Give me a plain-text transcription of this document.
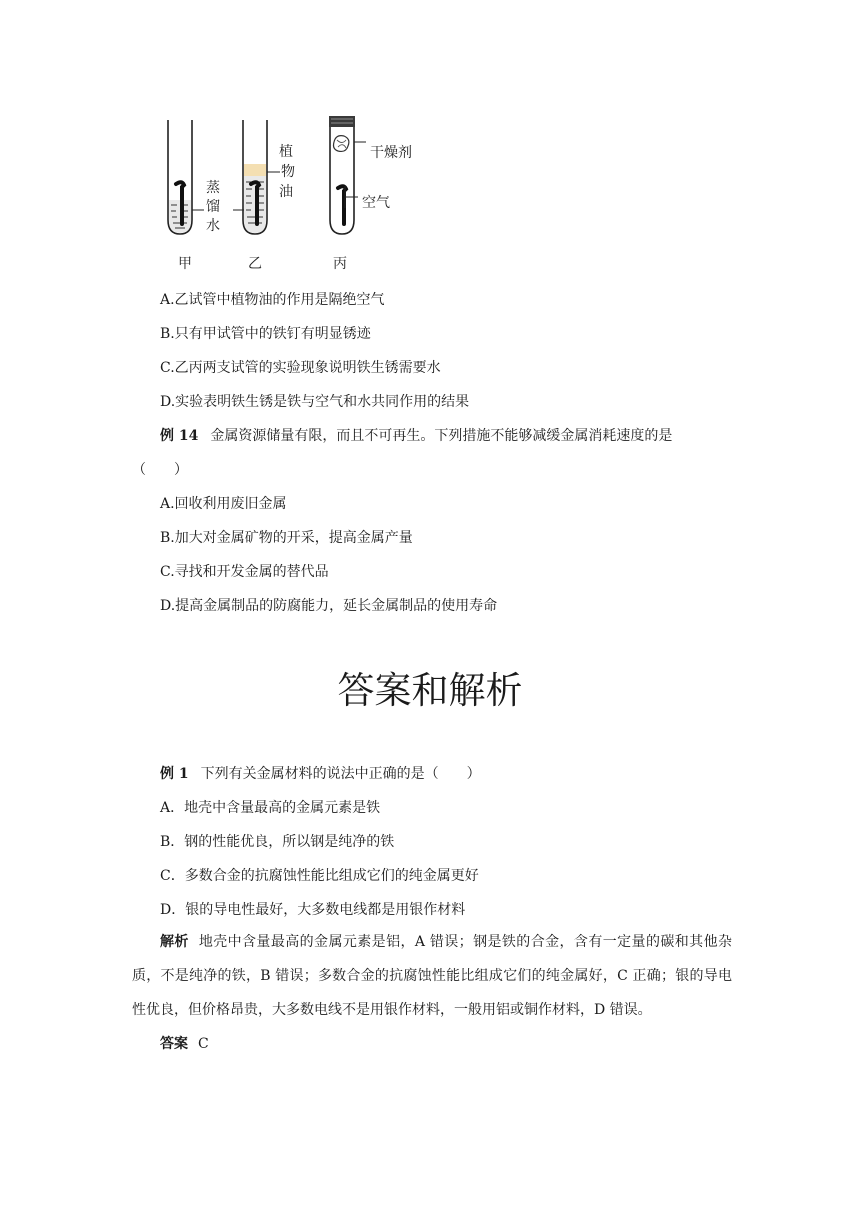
蒸
馏
水
植
物
油
干燥剂
空气
甲	乙	丙
A.乙试管中植物油的作用是隔绝空气
B.只有甲试管中的铁钉有明显锈迹
C.乙丙两支试管的实验现象说明铁生锈需要水
D.实验表明铁生锈是铁与空气和水共同作用的结果
例 14 金属资源储量有限，而且不可再生。下列措施不能够减缓金属消耗速度的是
（　　）
A.回收利用废旧金属
B.加大对金属矿物的开采，提高金属产量
C.寻找和开发金属的替代品
D.提高金属制品的防腐能力，延长金属制品的使用寿命
答案和解析
例 1 下列有关金属材料的说法中正确的是（　　）
A．地壳中含量最高的金属元素是铁
B．钢的性能优良，所以钢是纯净的铁
C．多数合金的抗腐蚀性能比组成它们的纯金属更好
D．银的导电性最好，大多数电线都是用银作材料
解析 地壳中含量最高的金属元素是铝，A 错误；钢是铁的合金，含有一定量的碳和其他杂质，不是纯净的铁，B 错误；多数合金的抗腐蚀性能比组成它们的纯金属好，C 正确；银的导电性优良，但价格昂贵，大多数电线不是用银作材料，一般用铝或铜作材料，D 错误。
答案 C
